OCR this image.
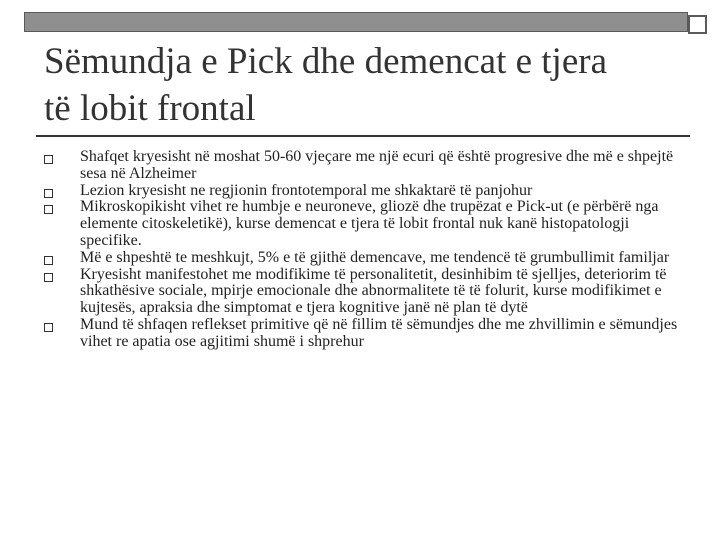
Sëmundja e Pick dhe demencat e tjera
të lobit frontal
Shafqet kryesisht në moshat 50-60 vjeçare me një ecuri që është progresive dhe më e shpejtë sesa në Alzheimer
Lezion kryesisht ne regjionin frontotemporal me shkaktarë të panjohur
Mikroskopikisht vihet re humbje e neuroneve, gliozë dhe trupëzat e Pick-ut (e përbërë nga elemente citoskeletikë), kurse demencat e tjera të lobit frontal nuk kanë histopatologji specifike.
Më e shpeshtë te meshkujt, 5% e të gjithë demencave, me tendencë të grumbullimit familjar
Kryesisht manifestohet me modifikime të personalitetit, desinhibim të sjelljes, deteriorim të shkathësive sociale, mpirje emocionale dhe abnormalitete të të folurit, kurse modifikimet e kujtesës, apraksia dhe simptomat e tjera kognitive janë në plan të dytë
Mund të shfaqen reflekset primitive që në fillim të sëmundjes dhe me zhvillimin e sëmundjes vihet re apatia ose agjitimi shumë i shprehur
